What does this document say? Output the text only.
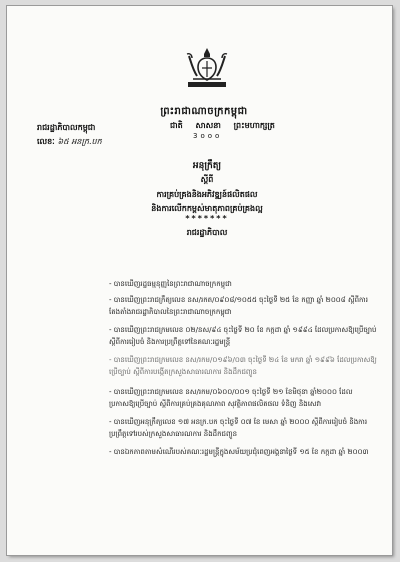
ព្រះរាជាណាចក្រកម្ពុជា
រាជរដ្ឋាភិបាលកម្ពុជា	ជាតិ សាសនា ព្រះមហាក្សត្រ
3ooo
លេខៈ ៦៥ អនក្រ.បក
អនុក្រឹត្យ
ស្តីពី
ការគ្រប់គ្រងនិងអភិវឌ្ឍន៍ផលិតផល
និងការលើកកម្ពស់មាតុភាពគ្រប់គ្រងល្អ
*******
រាជរដ្ឋាភិបាល
- បានឃើញរដ្ឋធម្មនុញ្ញនៃព្រះរាជាណាចក្រកម្ពុជា
- បានឃើញព្រះរាជក្រឹត្យលេខ នស/រកត/០៩០៨/១០៥៥ ចុះថ្ងៃទី ២៥ ខែ កញ្ញា ឆ្នាំ ២០០៨ ស្តីពីការតែងតាំងរាជរដ្ឋាភិបាលនៃព្រះរាជាណាចក្រកម្ពុជា
- បានឃើញព្រះរាជក្រមលេខ ០២/នស/៩៤ ចុះថ្ងៃទី ២០ ខែ កក្កដា ឆ្នាំ ១៩៩៤ ដែលប្រកាសឱ្យប្រើច្បាប់ ស្តីពីការរៀបចំ និងការប្រព្រឹត្តទៅនៃគណៈរដ្ឋមន្ត្រី
- បានឃើញព្រះរាជក្រមលេខ នស/រកម/០១៩៦/០៣ ចុះថ្ងៃទី ២៤ ខែ មករា ឆ្នាំ ១៩៩៦ ដែលប្រកាសឱ្យប្រើច្បាប់ ស្តីពីការបង្កើតក្រសួងសាធារណការ និងដឹកជញ្ជូន
- បានឃើញព្រះរាជក្រមលេខ នស/រកម/០៦០០/០០១ ចុះថ្ងៃទី ២១ ខែមិថុនា ឆ្នាំ២០០០ ដែលប្រកាសឱ្យប្រើច្បាប់ ស្តីពីការគ្រប់គ្រងគុណភាព សុវត្ថិភាពផលិតផល ទំនិញ និងសេវា
- បានឃើញអនុក្រឹត្យលេខ ១៧ អនក្រ.បក ចុះថ្ងៃទី ០៧ ខែ មេសា ឆ្នាំ ២០០០ ស្តីពីការរៀបចំ និងការប្រព្រឹត្តទៅរបស់ក្រសួងសាធារណការ និងដឹកជញ្ជូន
- បានឯកភាពតាមសំណើរបស់គណៈរដ្ឋមន្ត្រីក្នុងសម័យប្រជុំពេញអង្គនាថ្ងៃទី ១៥ ខែ កក្កដា ឆ្នាំ ២០០៣
